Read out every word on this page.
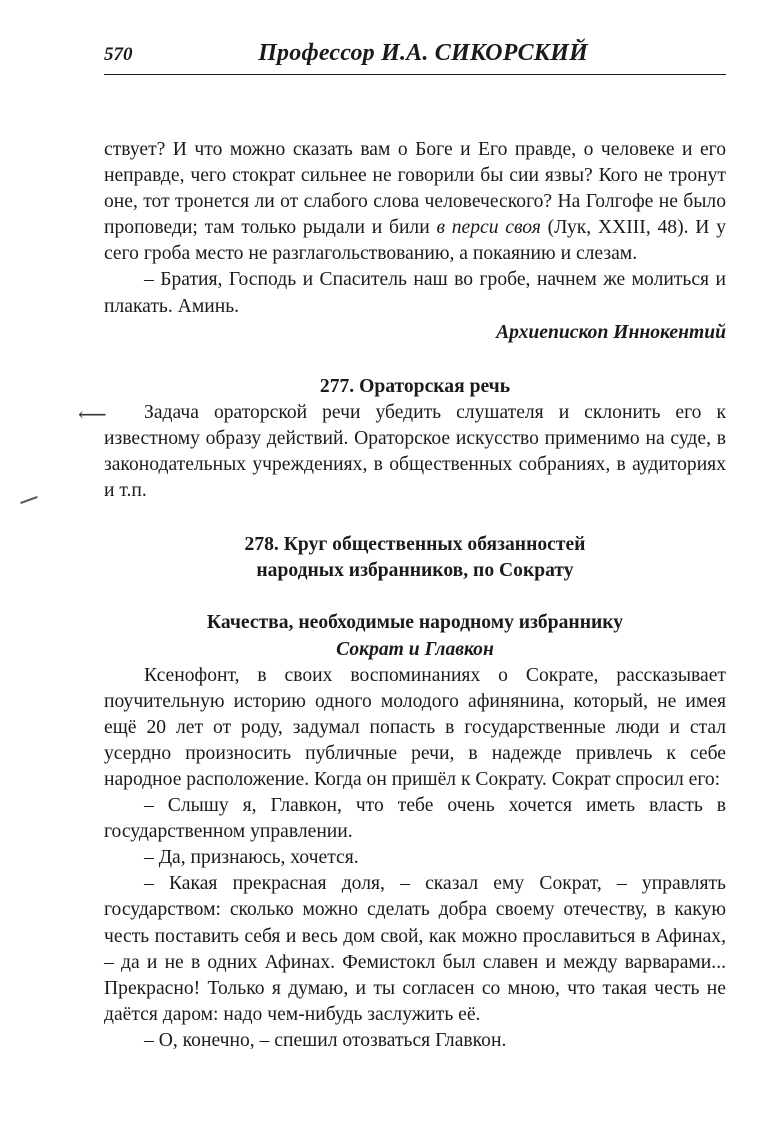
570	Профессор И.А. СИКОРСКИЙ

ствует? И что можно сказать вам о Боге и Его правде, о человеке и его неправде, чего стократ сильнее не говорили бы сии язвы? Кого не тронут оне, тот тронется ли от слабого слова человеческого? На Голгофе не было проповеди; там только рыдали и били в перси своя (Лук, XXIII, 48). И у сего гроба место не разглагольствованию, а покаянию и слезам.

– Братия, Господь и Спаситель наш во гробе, начнем же молиться и плакать. Аминь.

Архиепископ Иннокентий

277. Ораторская речь

Задача ораторской речи убедить слушателя и склонить его к известному образу действий. Ораторское искусство применимо на суде, в законодательных учреждениях, в общественных собраниях, в аудиториях и т.п.

278. Круг общественных обязанностей

народных избранников, по Сократу

Качества, необходимые народному избраннику

Сократ и Главкон

Ксенофонт, в своих воспоминаниях о Сократе, рассказывает поучительную историю одного молодого афинянина, который, не имея ещё 20 лет от роду, задумал попасть в государственные люди и стал усердно произносить публичные речи, в надежде привлечь к себе народное расположение. Когда он пришёл к Сократу. Сократ спросил его:

– Слышу я, Главкон, что тебе очень хочется иметь власть в государственном управлении.

– Да, признаюсь, хочется.

– Какая прекрасная доля, – сказал ему Сократ, – управлять государством: сколько можно сделать добра своему отечеству, в какую честь поставить себя и весь дом свой, как можно прославиться в Афинах, – да и не в одних Афинах. Фемистокл был славен и между варварами... Прекрасно! Только я думаю, и ты согласен со мною, что такая честь не даётся даром: надо чем-нибудь заслужить её.

– О, конечно, – спешил отозваться Главкон.

⟵
